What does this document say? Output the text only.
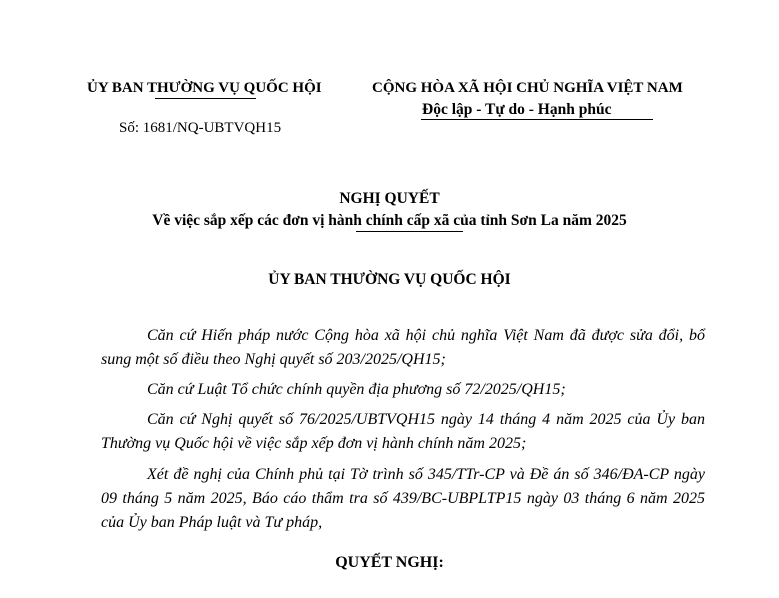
ỦY BAN THƯỜNG VỤ QUỐC HỘI
Số: 1681/NQ-UBTVQH15
CỘNG HÒA XÃ HỘI CHỦ NGHĨA VIỆT NAM
Độc lập - Tự do - Hạnh phúc
NGHỊ QUYẾT
Về việc sắp xếp các đơn vị hành chính cấp xã của tỉnh Sơn La năm 2025
ỦY BAN THƯỜNG VỤ QUỐC HỘI

Căn cứ Hiến pháp nước Cộng hòa xã hội chủ nghĩa Việt Nam đã được sửa đổi, bổ sung một số điều theo Nghị quyết số 203/2025/QH15;

Căn cứ Luật Tổ chức chính quyền địa phương số 72/2025/QH15;

Căn cứ Nghị quyết số 76/2025/UBTVQH15 ngày 14 tháng 4 năm 2025 của Ủy ban Thường vụ Quốc hội về việc sắp xếp đơn vị hành chính năm 2025;

Xét đề nghị của Chính phủ tại Tờ trình số 345/TTr-CP và Đề án số 346/ĐA-CP ngày 09 tháng 5 năm 2025, Báo cáo thẩm tra số 439/BC-UBPLTP15 ngày 03 tháng 6 năm 2025 của Ủy ban Pháp luật và Tư pháp,

QUYẾT NGHỊ:
